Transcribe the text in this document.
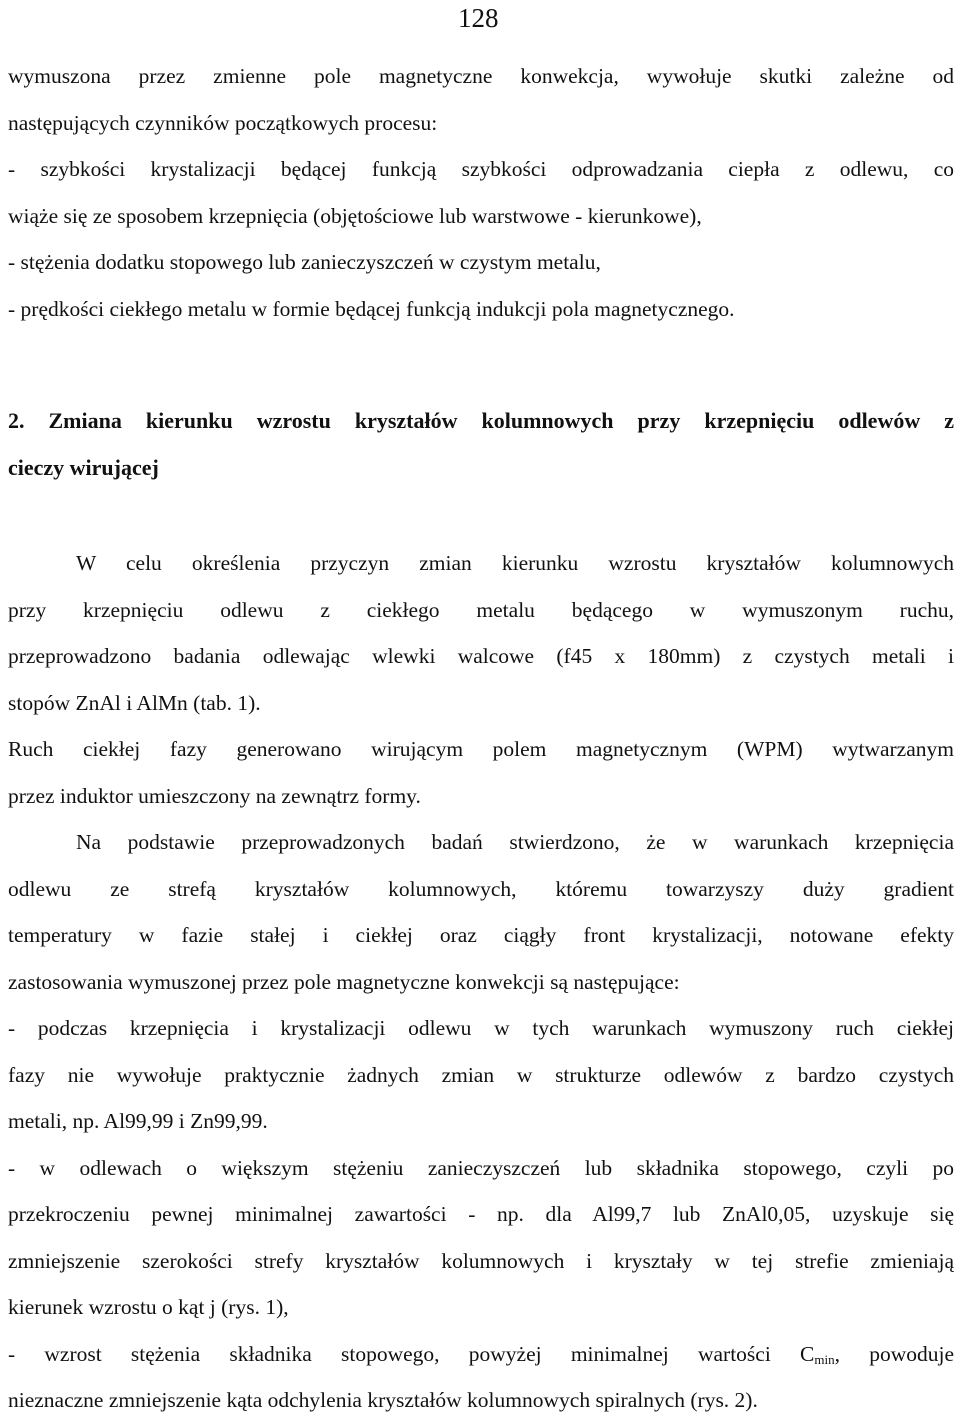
128
wymuszona przez zmienne pole magnetyczne konwekcja, wywołuje skutki zależne od
następujących czynników początkowych procesu:
- szybkości krystalizacji będącej funkcją szybkości odprowadzania ciepła z odlewu, co
wiąże się ze sposobem krzepnięcia (objętościowe lub warstwowe - kierunkowe),
- stężenia dodatku stopowego lub zanieczyszczeń w czystym metalu,
- prędkości ciekłego metalu w formie będącej funkcją indukcji pola magnetycznego.
2. Zmiana kierunku wzrostu kryształów kolumnowych przy krzepnięciu odlewów z
cieczy wirującej
W celu określenia przyczyn zmian kierunku wzrostu kryształów kolumnowych
przy krzepnięciu odlewu z ciekłego metalu będącego w wymuszonym ruchu,
przeprowadzono badania odlewając wlewki walcowe (f45 x 180mm) z czystych metali i
stopów ZnAl i AlMn (tab. 1).
Ruch ciekłej fazy generowano wirującym polem magnetycznym (WPM) wytwarzanym
przez induktor umieszczony na zewnątrz formy.
Na podstawie przeprowadzonych badań stwierdzono, że w warunkach krzepnięcia
odlewu ze strefą kryształów kolumnowych, któremu towarzyszy duży gradient
temperatury w fazie stałej i ciekłej oraz ciągły front krystalizacji, notowane efekty
zastosowania wymuszonej przez pole magnetyczne konwekcji są następujące:
- podczas krzepnięcia i krystalizacji odlewu w tych warunkach wymuszony ruch ciekłej
fazy nie wywołuje praktycznie żadnych zmian w strukturze odlewów z bardzo czystych
metali, np. Al99,99 i Zn99,99.
- w odlewach o większym stężeniu zanieczyszczeń lub składnika stopowego, czyli po
przekroczeniu pewnej minimalnej zawartości - np. dla Al99,7 lub ZnAl0,05, uzyskuje się
zmniejszenie szerokości strefy kryształów kolumnowych i kryształy w tej strefie zmieniają
kierunek wzrostu o kąt j (rys. 1),
- wzrost stężenia składnika stopowego, powyżej minimalnej wartości $C_{min}$, powoduje
nieznaczne zmniejszenie kąta odchylenia kryształów kolumnowych spiralnych (rys. 2).
